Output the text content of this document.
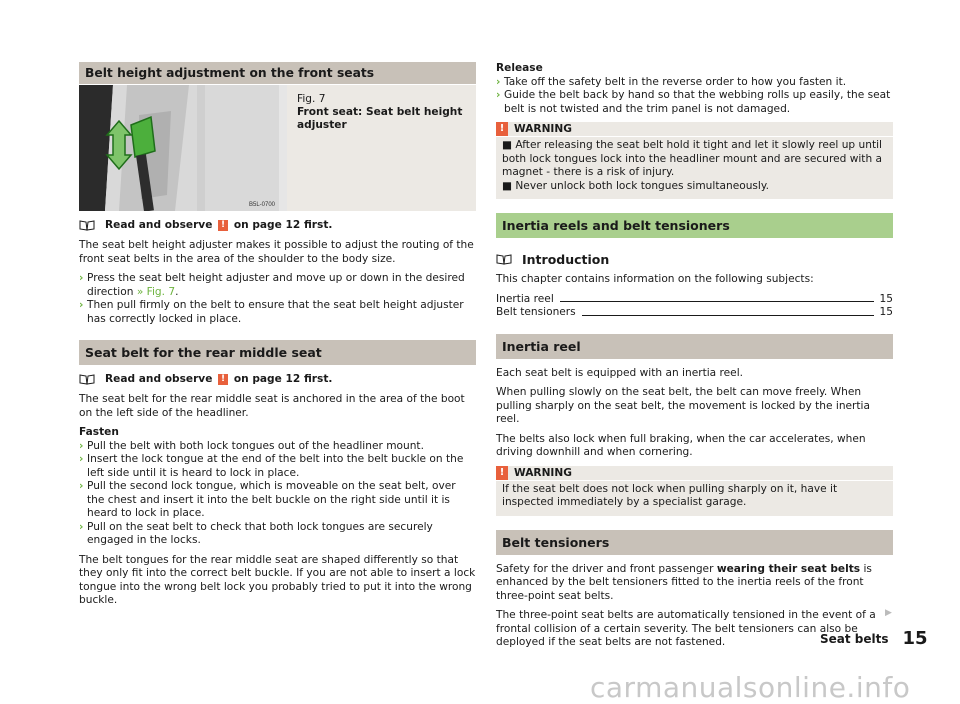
Belt height adjustment on the front seats
B5L-0700
Fig. 7
Front seat: Seat belt height adjuster
Read and observe
!
on page 12 first.

The seat belt height adjuster makes it possible to adjust the routing of the front seat belts in the area of the shoulder to the body size.

› Press the seat belt height adjuster and move up or down in the desired direction » Fig. 7.
› Then pull firmly on the belt to ensure that the seat belt height adjuster has correctly locked in place.
Seat belt for the rear middle seat
Read and observe
!
on page 12 first.

The seat belt for the rear middle seat is anchored in the area of the boot on the left side of the headliner.

Fasten

› Pull the belt with both lock tongues out of the headliner mount.
› Insert the lock tongue at the end of the belt into the belt buckle on the left side until it is heard to lock in place.
› Pull the second lock tongue, which is moveable on the seat belt, over the chest and insert it into the belt buckle on the right side until it is heard to lock in place.
› Pull on the seat belt to check that both lock tongues are securely engaged in the locks.

The belt tongues for the rear middle seat are shaped differently so that they only fit into the correct belt buckle. If you are not able to insert a lock tongue into the wrong belt lock you probably tried to put it into the wrong buckle.

Release

› Take off the safety belt in the reverse order to how you fasten it.
› Guide the belt back by hand so that the webbing rolls up easily, the seat belt is not twisted and the trim panel is not damaged.
! WARNING
■ After releasing the seat belt hold it tight and let it slowly reel up until both lock tongues lock into the headliner mount and are secured with a magnet - there is a risk of injury.
■ Never unlock both lock tongues simultaneously.
Inertia reels and belt tensioners
Introduction

This chapter contains information on the following subjects:

Inertia reel	15
Belt tensioners	15
Inertia reel

Each seat belt is equipped with an inertia reel.

When pulling slowly on the seat belt, the belt can move freely. When pulling sharply on the seat belt, the movement is locked by the inertia reel.

The belts also lock when full braking, when the car accelerates, when driving downhill and when cornering.

! WARNING
If the seat belt does not lock when pulling sharply on it, have it inspected immediately by a specialist garage.
Belt tensioners

Safety for the driver and front passenger wearing their seat belts is enhanced by the belt tensioners fitted to the inertia reels of the front three-point seat belts.

The three-point seat belts are automatically tensioned in the event of a frontal collision of a certain severity. The belt tensioners can also be deployed if the seat belts are not fastened.

▶
Seat belts 15
carmanualsonline.info
